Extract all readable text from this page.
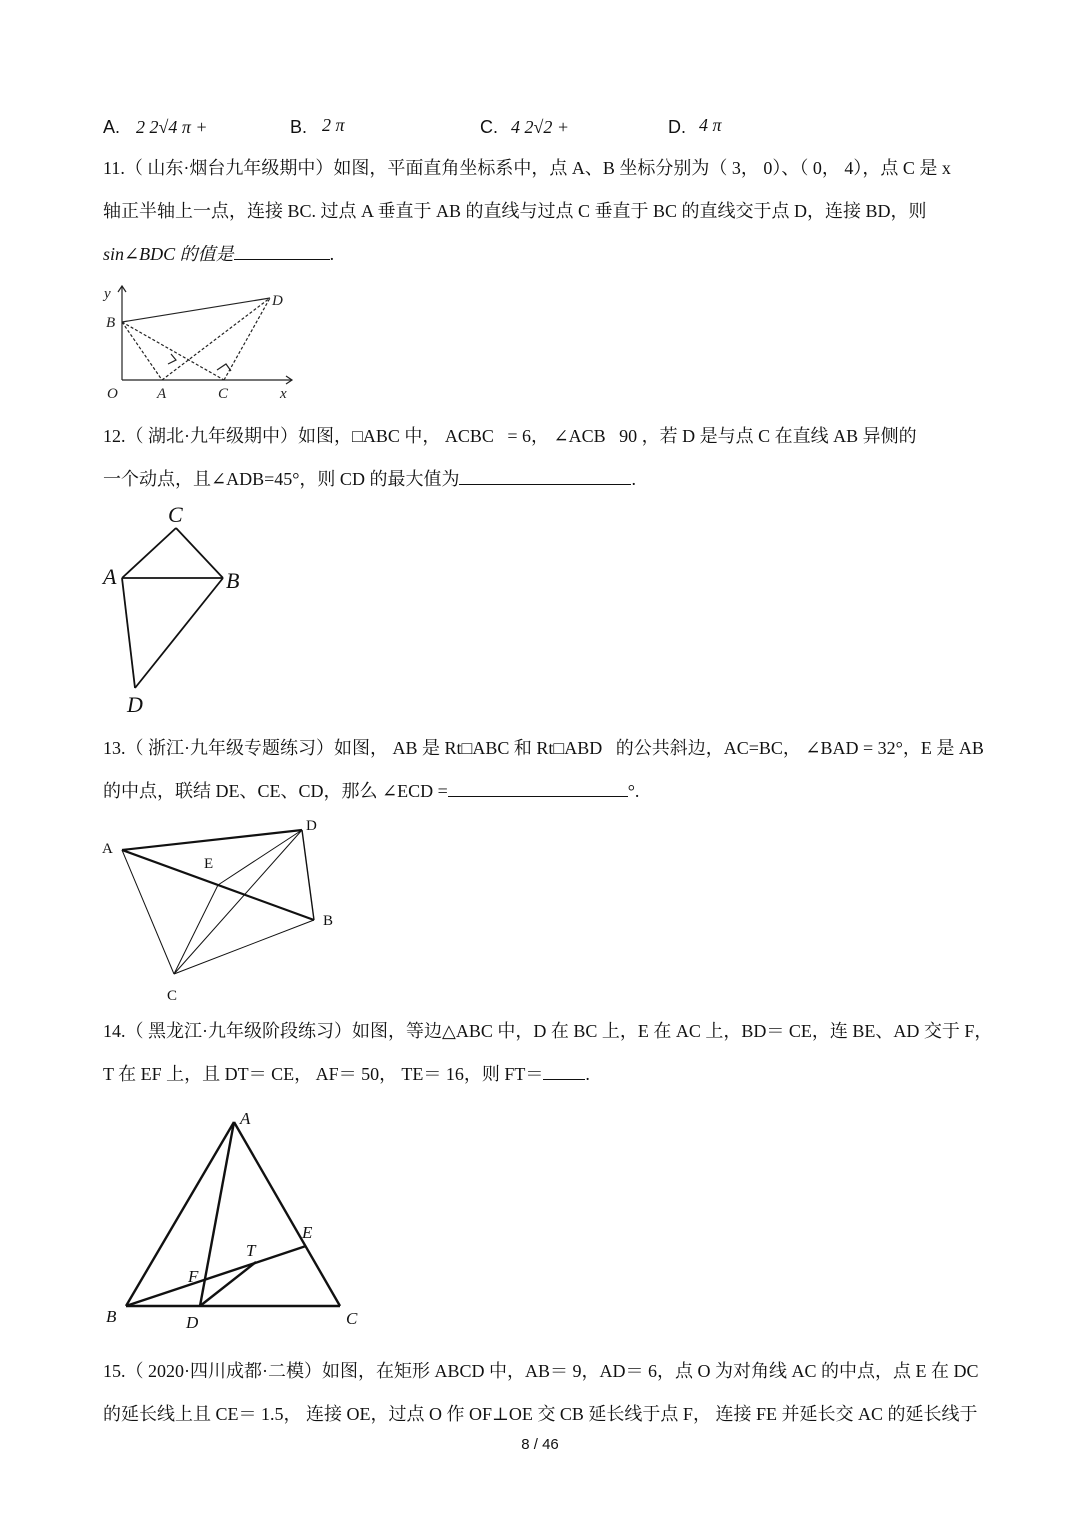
A. 2 2√4 π +	B. 2 π	C. 4 2√2 +	D. 4 π
11.（ 山东·烟台九年级期中）如图，平面直角坐标系中，点 A、B 坐标分别为（ 3， 0）、（ 0， 4），点 C 是 x
轴正半轴上一点，连接 BC. 过点 A 垂直于 AB 的直线与过点 C 垂直于 BC 的直线交于点 D，连接 BD，则
sin∠BDC 的值是	.
y
B
O	A	C
D
x
12.（ 湖北·九年级期中）如图，□ABC 中， ACBC   = 6， ∠ACB   90 ，若 D 是与点 C 在直线 AB 异侧的
一个动点，且∠ADB=45°，则 CD 的最大值为	.
C
A	B
D
13.（ 浙江·九年级专题练习）如图， AB 是 Rt□ABC 和 Rt□ABD   的公共斜边，AC=BC， ∠BAD = 32°，E 是 AB
的中点，联结 DE、CE、CD，那么 ∠ECD =	°.
A
D
E
B
C
14.（ 黑龙江·九年级阶段练习）如图，等边△ABC 中，D 在 BC 上，E 在 AC 上，BD＝ CE，连 BE、AD 交于 F，
T 在 EF 上，且 DT＝ CE， AF＝ 50， TE＝ 16，则 FT＝ .
A
B	D	C
E
T
F
15.（ 2020·四川成都·二模）如图，在矩形 ABCD 中，AB＝ 9，AD＝ 6，点 O 为对角线 AC 的中点，点 E 在 DC
的延长线上且 CE＝ 1.5， 连接 OE，过点 O 作 OF⊥OE 交 CB 延长线于点 F， 连接 FE 并延长交 AC 的延长线于
8 / 46
